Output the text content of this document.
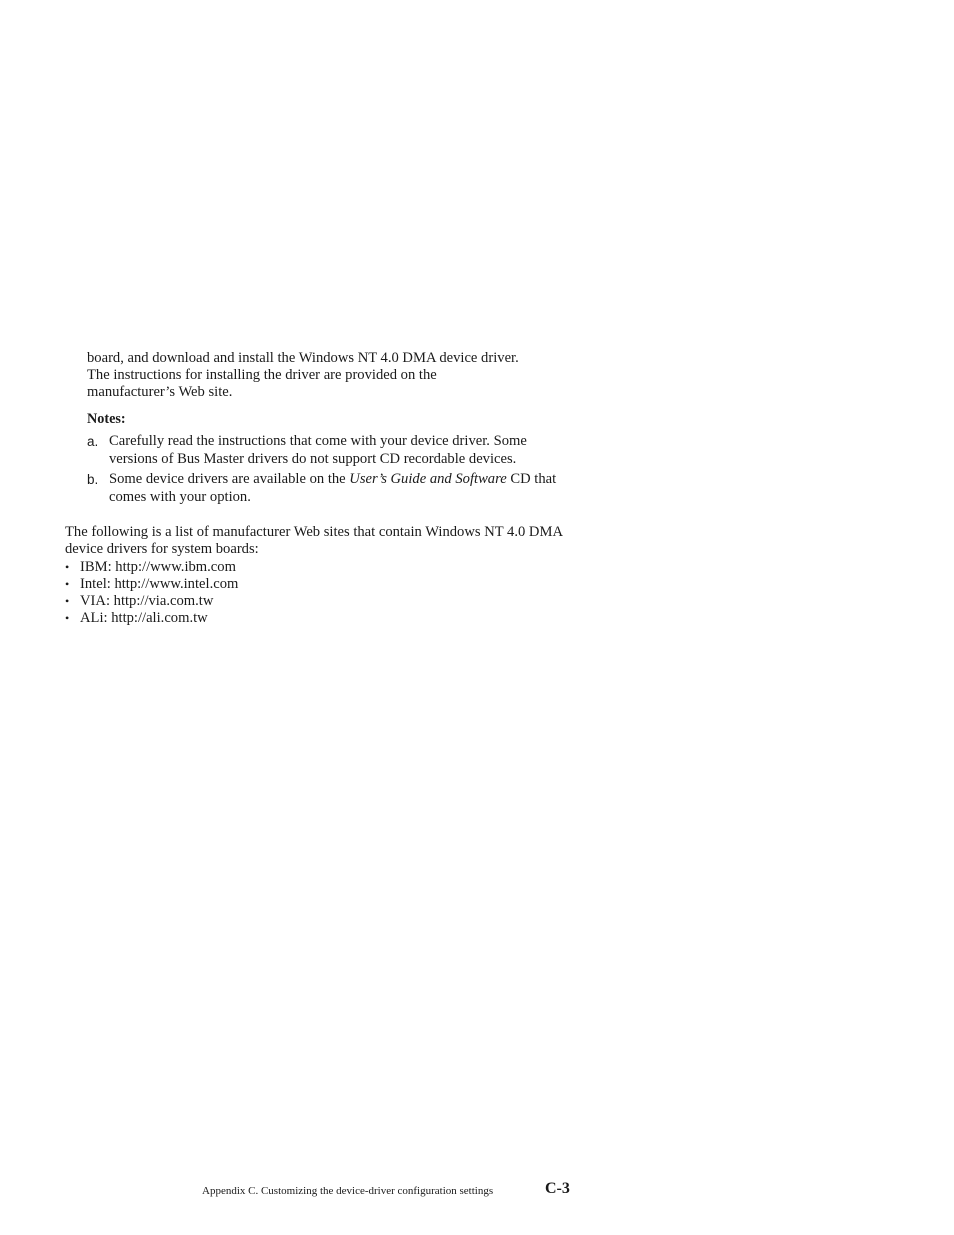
board, and download and install the Windows NT 4.0 DMA device driver.
The instructions for installing the driver are provided on the
manufacturer’s Web site.

Notes:

a. Carefully read the instructions that come with your device driver. Some versions of Bus Master drivers do not support CD recordable devices.
b. Some device drivers are available on the User’s Guide and Software CD that comes with your option.

The following is a list of manufacturer Web sites that contain Windows NT 4.0 DMA device drivers for system boards:

• IBM: http://www.ibm.com
• Intel: http://www.intel.com
• VIA: http://via.com.tw
• ALi: http://ali.com.tw
Appendix C. Customizing the device-driver configuration settings	C-3
